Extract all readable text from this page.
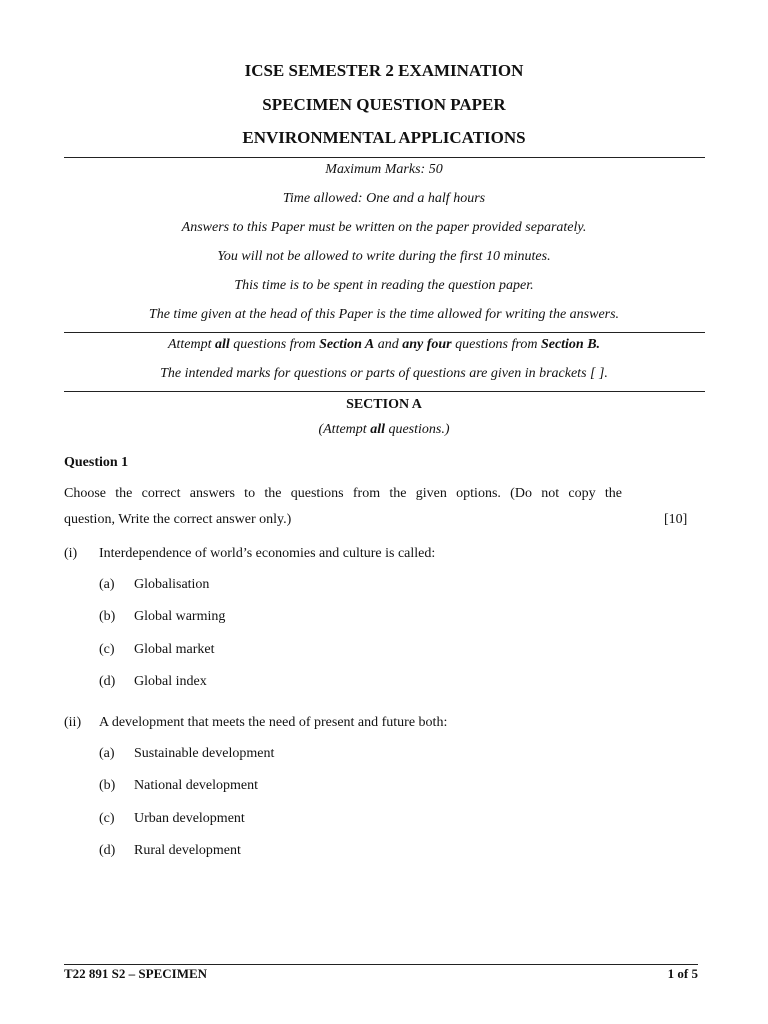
ICSE SEMESTER 2 EXAMINATION
SPECIMEN QUESTION PAPER
ENVIRONMENTAL APPLICATIONS
Maximum Marks: 50
Time allowed: One and a half hours
Answers to this Paper must be written on the paper provided separately.
You will not be allowed to write during the first 10 minutes.
This time is to be spent in reading the question paper.
The time given at the head of this Paper is the time allowed for writing the answers.
Attempt all questions from Section A and any four questions from Section B.
The intended marks for questions or parts of questions are given in brackets [ ].
SECTION A
(Attempt all questions.)
Question 1
Choose the correct answers to the questions from the given options. (Do not copy the
question, Write the correct answer only.)	[10]
(i) Interdependence of world’s economies and culture is called:
(a) Globalisation
(b) Global warming
(c) Global market
(d) Global index
(ii) A development that meets the need of present and future both:
(a) Sustainable development
(b) National development
(c) Urban development
(d) Rural development
T22 891 S2 – SPECIMEN	1 of 5
